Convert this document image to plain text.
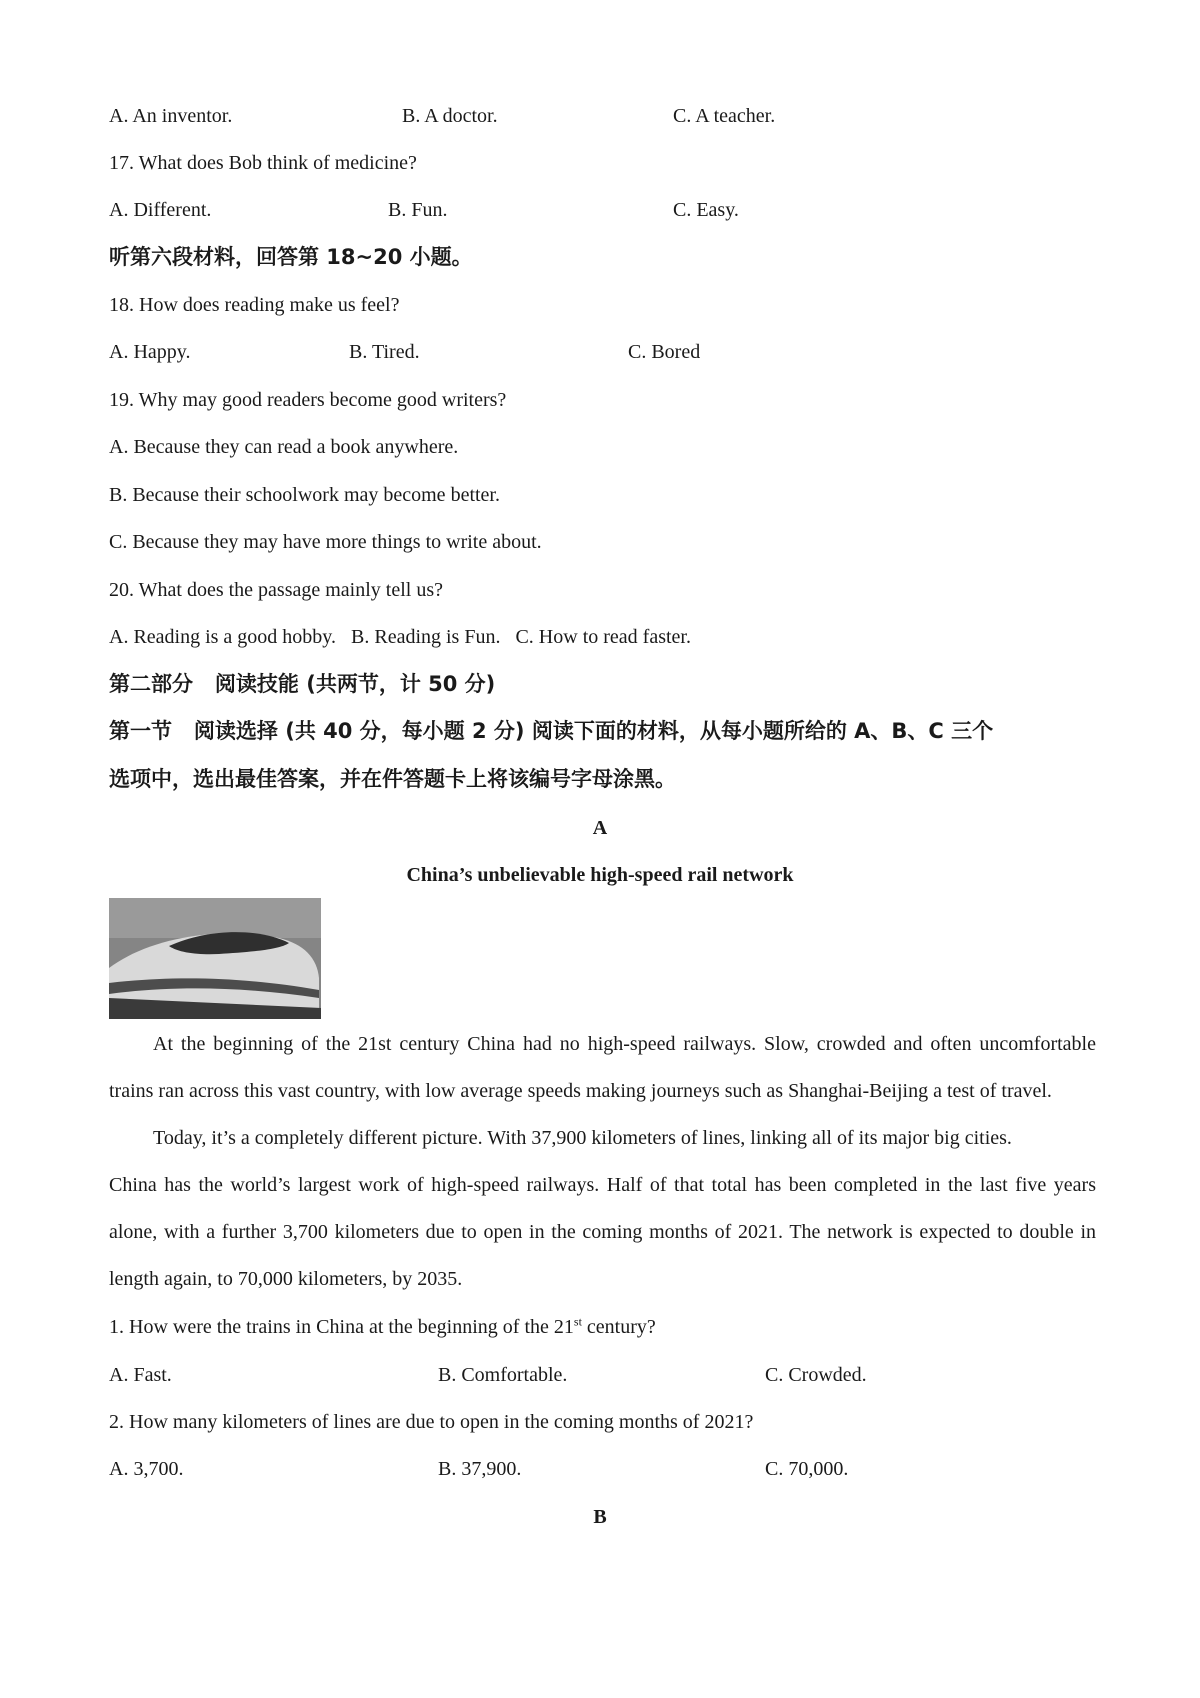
A. An inventor.	B. A doctor.	C. A teacher.
17. What does Bob think of medicine?
A. Different.	B. Fun.	C. Easy.
听第六段材料，回答第 18~20 小题。
18. How does reading make us feel?
A. Happy.	B. Tired.	C. Bored
19. Why may good readers become good writers?
A. Because they can read a book anywhere.
B. Because their schoolwork may become better.
C. Because they may have more things to write about.
20. What does the passage mainly tell us?
A. Reading is a good hobby.   B. Reading is Fun.   C. How to read faster.
第二部分   阅读技能 (共两节，计 50 分)
第一节   阅读选择 (共 40 分，每小题 2 分) 阅读下面的材料，从每小题所给的 A、B、C 三个
选项中，选出最佳答案，并在件答题卡上将该编号字母涂黑。
A
China’s unbelievable high-speed rail network

At the beginning of the 21st century China had no high-speed railways. Slow, crowded and often uncomfortable trains ran across this vast country, with low average speeds making journeys such as Shanghai-Beijing a test of travel.

Today, it’s a completely different picture. With 37,900 kilometers of lines, linking all of its major big cities.

China has the world’s largest work of high-speed railways. Half of that total has been completed in the last five years alone, with a further 3,700 kilometers due to open in the coming months of 2021. The network is expected to double in length again, to 70,000 kilometers, by 2035.

1. How were the trains in China at the beginning of the 21st century?
A. Fast.	B. Comfortable.	C. Crowded.
2. How many kilometers of lines are due to open in the coming months of 2021?
A. 3,700.	B. 37,900.	C. 70,000.
B
